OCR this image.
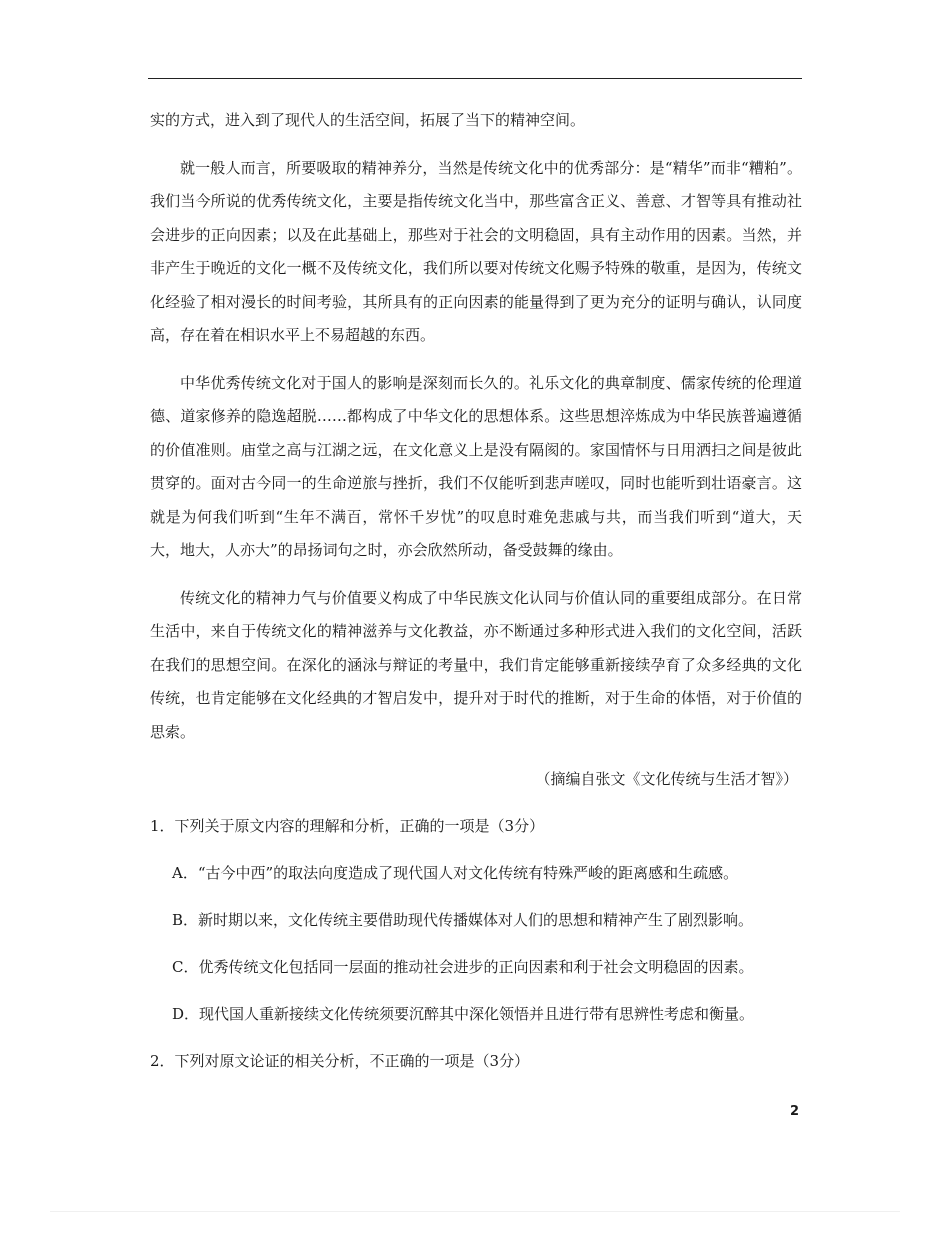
实的方式，进入到了现代人的生活空间，拓展了当下的精神空间。

就一般人而言，所要吸取的精神养分，当然是传统文化中的优秀部分：是“精华”而非“糟粕”。我们当今所说的优秀传统文化，主要是指传统文化当中，那些富含正义、善意、才智等具有推动社会进步的正向因素；以及在此基础上，那些对于社会的文明稳固，具有主动作用的因素。当然，并非产生于晚近的文化一概不及传统文化，我们所以要对传统文化赐予特殊的敬重，是因为，传统文化经验了相对漫长的时间考验，其所具有的正向因素的能量得到了更为充分的证明与确认，认同度高，存在着在相识水平上不易超越的东西。

中华优秀传统文化对于国人的影响是深刻而长久的。礼乐文化的典章制度、儒家传统的伦理道德、道家修养的隐逸超脱……都构成了中华文化的思想体系。这些思想淬炼成为中华民族普遍遵循的价值准则。庙堂之高与江湖之远，在文化意义上是没有隔阂的。家国情怀与日用洒扫之间是彼此贯穿的。面对古今同一的生命逆旅与挫折，我们不仅能听到悲声嗟叹，同时也能听到壮语豪言。这就是为何我们听到“生年不满百，常怀千岁忧”的叹息时难免悲戚与共，而当我们听到“道大，天大，地大，人亦大”的昂扬词句之时，亦会欣然所动，备受鼓舞的缘由。

传统文化的精神力气与价值要义构成了中华民族文化认同与价值认同的重要组成部分。在日常生活中，来自于传统文化的精神滋养与文化教益，亦不断通过多种形式进入我们的文化空间，活跃在我们的思想空间。在深化的涵泳与辩证的考量中，我们肯定能够重新接续孕育了众多经典的文化传统，也肯定能够在文化经典的才智启发中，提升对于时代的推断，对于生命的体悟，对于价值的思索。

（摘编自张文《文化传统与生活才智》）
1．下列关于原文内容的理解和分析，正确的一项是（3分）
A．“古今中西”的取法向度造成了现代国人对文化传统有特殊严峻的距离感和生疏感。
B．新时期以来，文化传统主要借助现代传播媒体对人们的思想和精神产生了剧烈影响。
C．优秀传统文化包括同一层面的推动社会进步的正向因素和利于社会文明稳固的因素。
D．现代国人重新接续文化传统须要沉醉其中深化领悟并且进行带有思辨性考虑和衡量。
2．下列对原文论证的相关分析，不正确的一项是（3分）
2
